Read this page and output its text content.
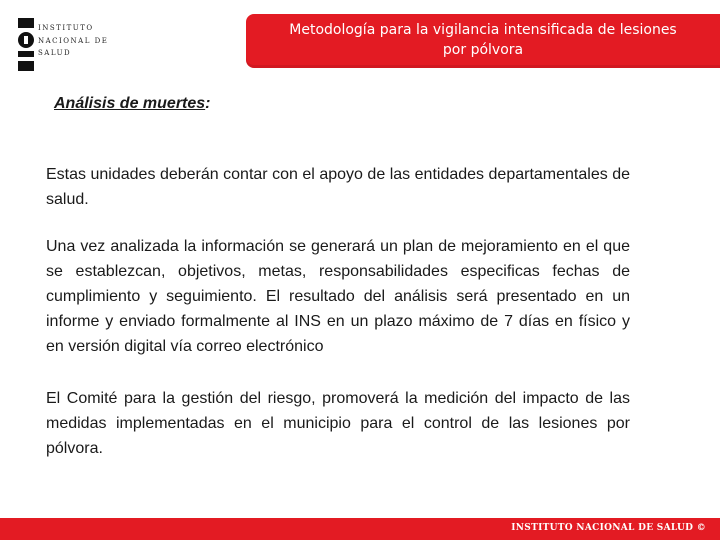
INSTITUTO
NACIONAL DE
SALUD
Metodología para la vigilancia intensificada de lesiones por pólvora
Análisis de muertes:
Estas unidades deberán contar con el apoyo de las entidades departamentales de salud.
Una vez analizada la información se generará un plan de mejoramiento en el que se establezcan, objetivos, metas, responsabilidades especificas fechas de cumplimiento y seguimiento. El resultado del análisis será presentado en un informe y enviado formalmente al INS en un plazo máximo de 7 días en físico y en versión digital vía correo electrónico
El Comité para la gestión del riesgo, promoverá la medición del impacto de las medidas implementadas en el municipio para el control de las lesiones por pólvora.
INSTITUTO NACIONAL DE SALUD ©
